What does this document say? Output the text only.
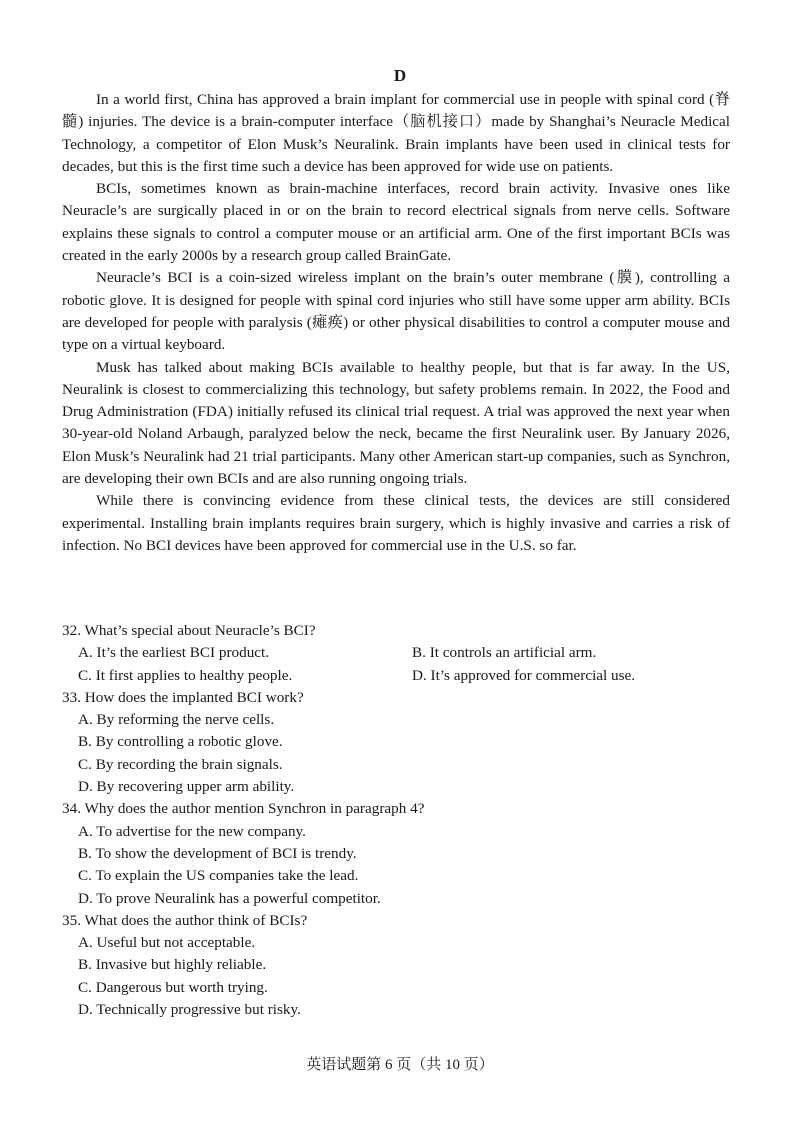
D

In a world first, China has approved a brain implant for commercial use in people with spinal cord (脊髓) injuries. The device is a brain-computer interface（脑机接口）made by Shanghai’s Neuracle Medical Technology, a competitor of Elon Musk’s Neuralink. Brain implants have been used in clinical tests for decades, but this is the first time such a device has been approved for wide use on patients.

BCIs, sometimes known as brain-machine interfaces, record brain activity. Invasive ones like Neuracle’s are surgically placed in or on the brain to record electrical signals from nerve cells. Software explains these signals to control a computer mouse or an artificial arm. One of the first important BCIs was created in the early 2000s by a research group called BrainGate.

Neuracle’s BCI is a coin-sized wireless implant on the brain’s outer membrane (膜), controlling a robotic glove. It is designed for people with spinal cord injuries who still have some upper arm ability. BCIs are developed for people with paralysis (瘫痪) or other physical disabilities to control a computer mouse and type on a virtual keyboard.

Musk has talked about making BCIs available to healthy people, but that is far away. In the US, Neuralink is closest to commercializing this technology, but safety problems remain. In 2022, the Food and Drug Administration (FDA) initially refused its clinical trial request. A trial was approved the next year when 30-year-old Noland Arbaugh, paralyzed below the neck, became the first Neuralink user. By January 2026, Elon Musk’s Neuralink had 21 trial participants. Many other American start-up companies, such as Synchron, are developing their own BCIs and are also running ongoing trials.

While there is convincing evidence from these clinical tests, the devices are still considered experimental. Installing brain implants requires brain surgery, which is highly invasive and carries a risk of infection. No BCI devices have been approved for commercial use in the U.S. so far.

32. What’s special about Neuracle’s BCI?
A. It’s the earliest BCI product.	B. It controls an artificial arm.
C. It first applies to healthy people.	D. It’s approved for commercial use.
33. How does the implanted BCI work?
A. By reforming the nerve cells.
B. By controlling a robotic glove.
C. By recording the brain signals.
D. By recovering upper arm ability.
34. Why does the author mention Synchron in paragraph 4?
A. To advertise for the new company.
B. To show the development of BCI is trendy.
C. To explain the US companies take the lead.
D. To prove Neuralink has a powerful competitor.
35. What does the author think of BCIs?
A. Useful but not acceptable.
B. Invasive but highly reliable.
C. Dangerous but worth trying.
D. Technically progressive but risky.
英语试题第 6 页（共 10 页）
